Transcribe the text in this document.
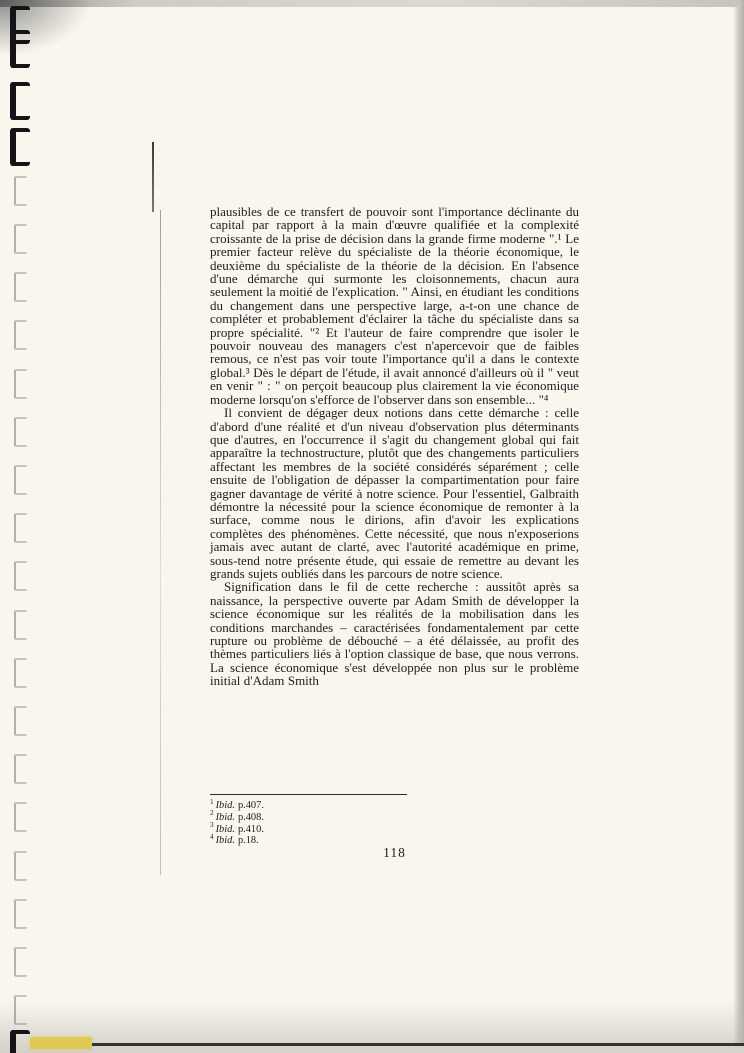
plausibles de ce transfert de pouvoir sont l'importance déclinante du capital par rapport à la main d'œuvre qualifiée et la complexité croissante de la prise de décision dans la grande firme moderne ".¹ Le premier facteur relève du spécialiste de la théorie économique, le deuxième du spécialiste de la théorie de la décision. En l'absence d'une démarche qui surmonte les cloisonnements, chacun aura seulement la moitié de l'explication. " Ainsi, en étudiant les conditions du changement dans une perspective large, a-t-on une chance de compléter et probablement d'éclairer la tâche du spécialiste dans sa propre spécialité. "² Et l'auteur de faire comprendre que isoler le pouvoir nouveau des managers c'est n'apercevoir que de faibles remous, ce n'est pas voir toute l'importance qu'il a dans le contexte global.³ Dès le départ de l'étude, il avait annoncé d'ailleurs où il " veut en venir " : " on perçoit beaucoup plus clairement la vie économique moderne lorsqu'on s'efforce de l'observer dans son ensemble... "⁴

Il convient de dégager deux notions dans cette démarche : celle d'abord d'une réalité et d'un niveau d'observation plus déterminants que d'autres, en l'occurrence il s'agit du changement global qui fait apparaître la technostructure, plutôt que des changements particuliers affectant les membres de la société considérés séparément ; celle ensuite de l'obligation de dépasser la compartimentation pour faire gagner davantage de vérité à notre science. Pour l'essentiel, Galbraith démontre la nécessité pour la science économique de remonter à la surface, comme nous le dirions, afin d'avoir les explications complètes des phénomènes. Cette nécessité, que nous n'exposerions jamais avec autant de clarté, avec l'autorité académique en prime, sous-tend notre présente étude, qui essaie de remettre au devant les grands sujets oubliés dans les parcours de notre science.

Signification dans le fil de cette recherche : aussitôt après sa naissance, la perspective ouverte par Adam Smith de développer la science économique sur les réalités de la mobilisation dans les conditions marchandes – caractérisées fondamentalement par cette rupture ou problème de débouché – a été délaissée, au profit des thèmes particuliers liés à l'option classique de base, que nous verrons. La science économique s'est développée non plus sur le problème initial d'Adam Smith

$^1$ Ibid. p.407.
$^2$ Ibid. p.408.
$^3$ Ibid. p.410.
$^4$ Ibid. p.18.
118
